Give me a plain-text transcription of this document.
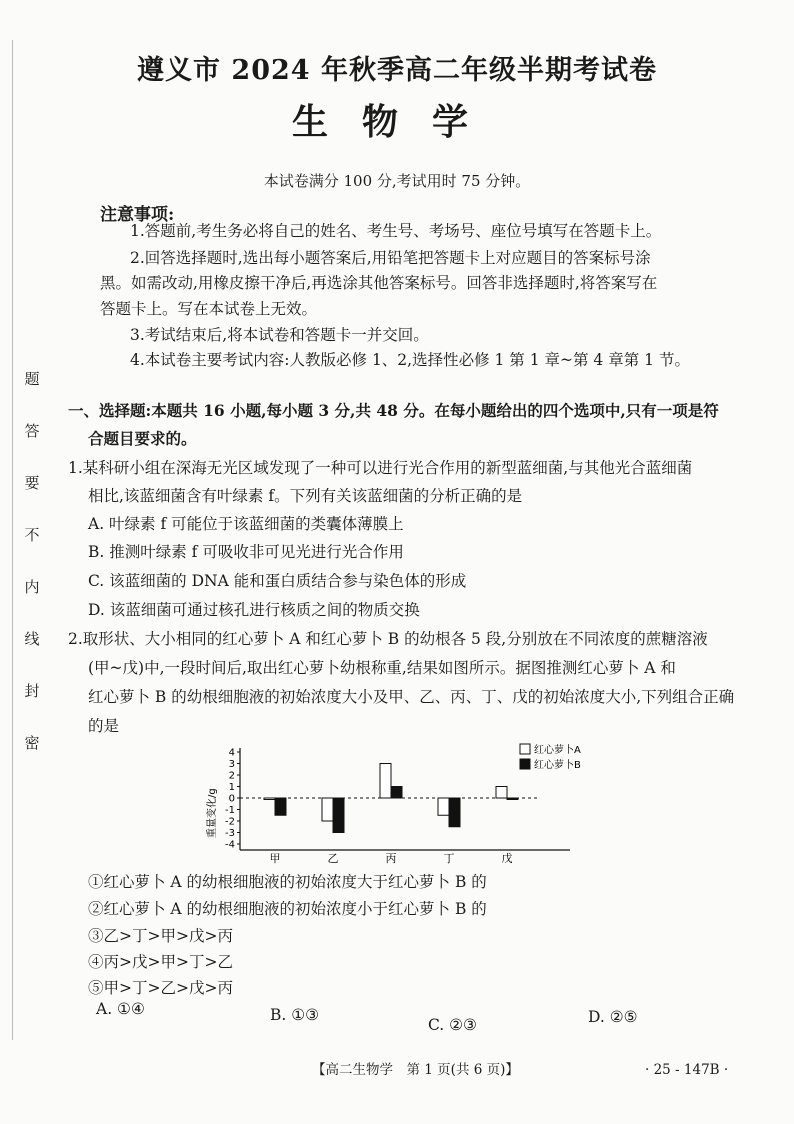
题
答
要
不
内
线
封
密
遵义市 2024 年秋季高二年级半期考试卷
生物学
本试卷满分 100 分,考试用时 75 分钟。
注意事项:
1.答题前,考生务必将自己的姓名、考生号、考场号、座位号填写在答题卡上。
2.回答选择题时,选出每小题答案后,用铅笔把答题卡上对应题目的答案标号涂
黑。如需改动,用橡皮擦干净后,再选涂其他答案标号。回答非选择题时,将答案写在
答题卡上。写在本试卷上无效。
3.考试结束后,将本试卷和答题卡一并交回。
4.本试卷主要考试内容:人教版必修 1、2,选择性必修 1 第 1 章~第 4 章第 1 节。
一、选择题:本题共 16 小题,每小题 3 分,共 48 分。在每小题给出的四个选项中,只有一项是符
合题目要求的。
1.某科研小组在深海无光区域发现了一种可以进行光合作用的新型蓝细菌,与其他光合蓝细菌
相比,该蓝细菌含有叶绿素 f。下列有关该蓝细菌的分析正确的是
A. 叶绿素 f 可能位于该蓝细菌的类囊体薄膜上
B. 推测叶绿素 f 可吸收非可见光进行光合作用
C. 该蓝细菌的 DNA 能和蛋白质结合参与染色体的形成
D. 该蓝细菌可通过核孔进行核质之间的物质交换
2.取形状、大小相同的红心萝卜 A 和红心萝卜 B 的幼根各 5 段,分别放在不同浓度的蔗糖溶液
(甲~戊)中,一段时间后,取出红心萝卜幼根称重,结果如图所示。据图推测红心萝卜 A 和
红心萝卜 B 的幼根细胞液的初始浓度大小及甲、乙、丙、丁、戊的初始浓度大小,下列组合正确
的是
重量变化/g
4
3
2
1
0
-1
-2
-3
-4
甲	乙	丙	丁	戊
红心萝卜A
红心萝卜B
①红心萝卜 A 的幼根细胞液的初始浓度大于红心萝卜 B 的
②红心萝卜 A 的幼根细胞液的初始浓度小于红心萝卜 B 的
③乙>丁>甲>戊>丙
④丙>戊>甲>丁>乙
⑤甲>丁>乙>戊>丙
A. ①④	B. ①③
C. ②③	D. ②⑤
【高二生物学　第 1 页(共 6 页)】	· 25 - 147B ·
